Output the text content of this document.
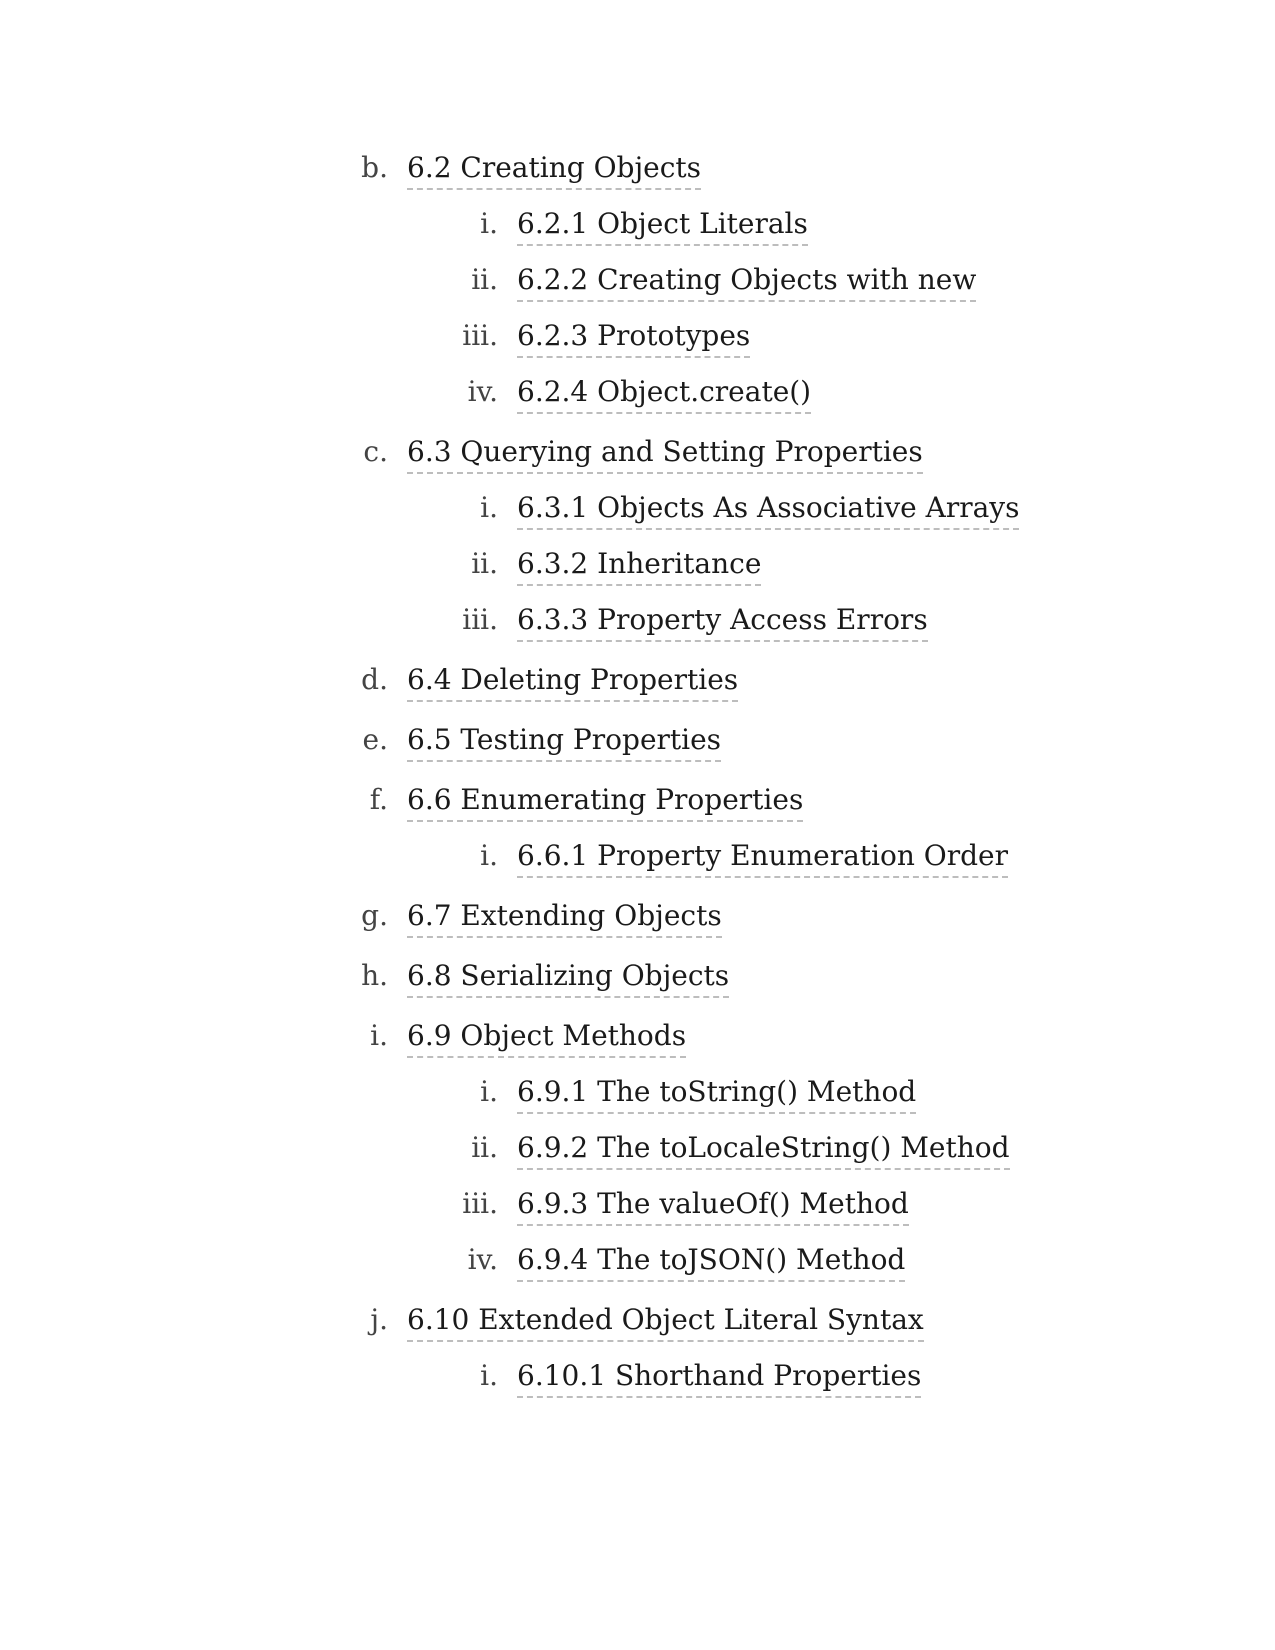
b. 6.2 Creating Objects
i. 6.2.1 Object Literals
ii. 6.2.2 Creating Objects with new
iii. 6.2.3 Prototypes
iv. 6.2.4 Object.create()
c. 6.3 Querying and Setting Properties
i. 6.3.1 Objects As Associative Arrays
ii. 6.3.2 Inheritance
iii. 6.3.3 Property Access Errors
d. 6.4 Deleting Properties
e. 6.5 Testing Properties
f. 6.6 Enumerating Properties
i. 6.6.1 Property Enumeration Order
g. 6.7 Extending Objects
h. 6.8 Serializing Objects
i. 6.9 Object Methods
i. 6.9.1 The toString() Method
ii. 6.9.2 The toLocaleString() Method
iii. 6.9.3 The valueOf() Method
iv. 6.9.4 The toJSON() Method
j. 6.10 Extended Object Literal Syntax
i. 6.10.1 Shorthand Properties
